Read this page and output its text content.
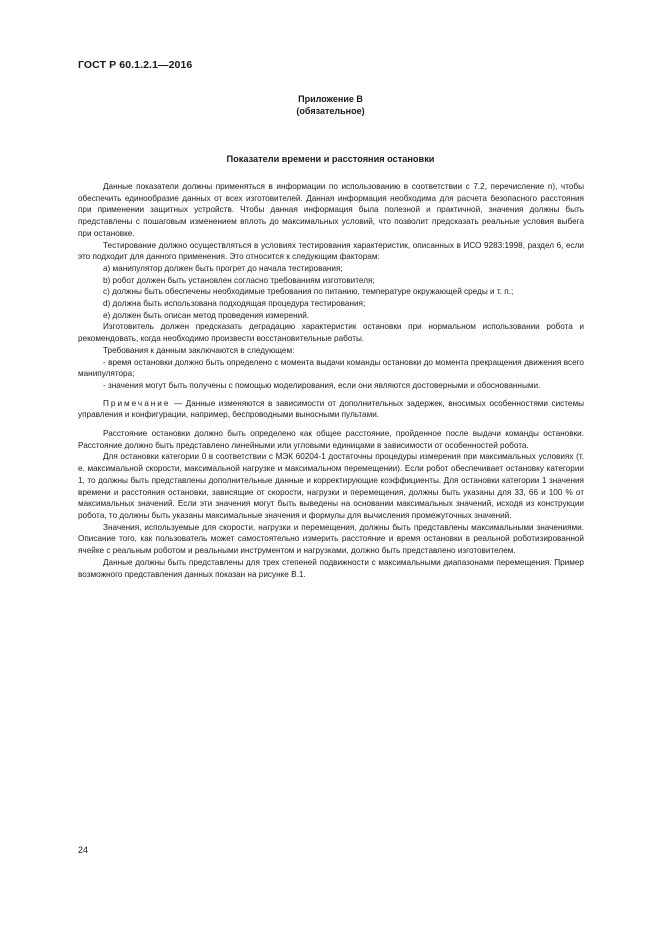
ГОСТ Р 60.1.2.1—2016
Приложение В
(обязательное)
Показатели времени и расстояния остановки

Данные показатели должны применяться в информации по использованию в соответствии с 7.2, перечисление n), чтобы обеспечить единообразие данных от всех изготовителей. Данная информация необходима для расчета безопасного расстояния при применении защитных устройств. Чтобы данная информация была полезной и практичной, значения должны быть представлены с пошаговым изменением вплоть до максимальных условий, что позволит предсказать реальные условия выбега при остановке.

Тестирование должно осуществляться в условиях тестирования характеристик, описанных в ИСО 9283:1998, раздел 6, если это подходит для данного применения. Это относится к следующим факторам:

a) манипулятор должен быть прогрет до начала тестирования;

b) робот должен быть установлен согласно требованиям изготовителя;

c) должны быть обеспечены необходимые требования по питанию, температуре окружающей среды и т. п.;

d) должна быть использована подходящая процедура тестирования;

e) должен быть описан метод проведения измерений.

Изготовитель должен предсказать деградацию характеристик остановки при нормальном использовании робота и рекомендовать, когда необходимо произвести восстановительные работы.

Требования к данным заключаются в следующем:

- время остановки должно быть определено с момента выдачи команды остановки до момента прекращения движения всего манипулятора;

- значения могут быть получены с помощью моделирования, если они являются достоверными и обоснованными.

Примечание — Данные изменяются в зависимости от дополнительных задержек, вносимых особенностями системы управления и конфигурации, например, беспроводными выносными пультами.

Расстояние остановки должно быть определено как общее расстояние, пройденное после выдачи команды остановки. Расстояние должно быть представлено линейными или угловыми единицами в зависимости от особенностей робота.

Для остановки категории 0 в соответствии с МЭК 60204-1 достаточны процедуры измерения при максимальных условиях (т. е. максимальной скорости, максимальной нагрузке и максимальном перемещении). Если робот обеспечивает остановку категории 1, то должны быть представлены дополнительные данные и корректирующие коэффициенты. Для остановки категории 1 значения времени и расстояния остановки, зависящие от скорости, нагрузки и перемещения, должны быть указаны для 33, 66 и 100 % от максимальных значений. Если эти значения могут быть выведены на основании максимальных значений, исходя из конструкции робота, то должны быть указаны максимальные значения и формулы для вычисления промежуточных значений.

Значения, используемые для скорости, нагрузки и перемещения, должны быть представлены максимальными значениями. Описание того, как пользователь может самостоятельно измерить расстояние и время остановки в реальной роботизированной ячейке с реальным роботом и реальными инструментом и нагрузками, должно быть представлено изготовителем.

Данные должны быть представлены для трех степеней подвижности с максимальными диапазонами перемещения. Пример возможного представления данных показан на рисунке В.1.

24
